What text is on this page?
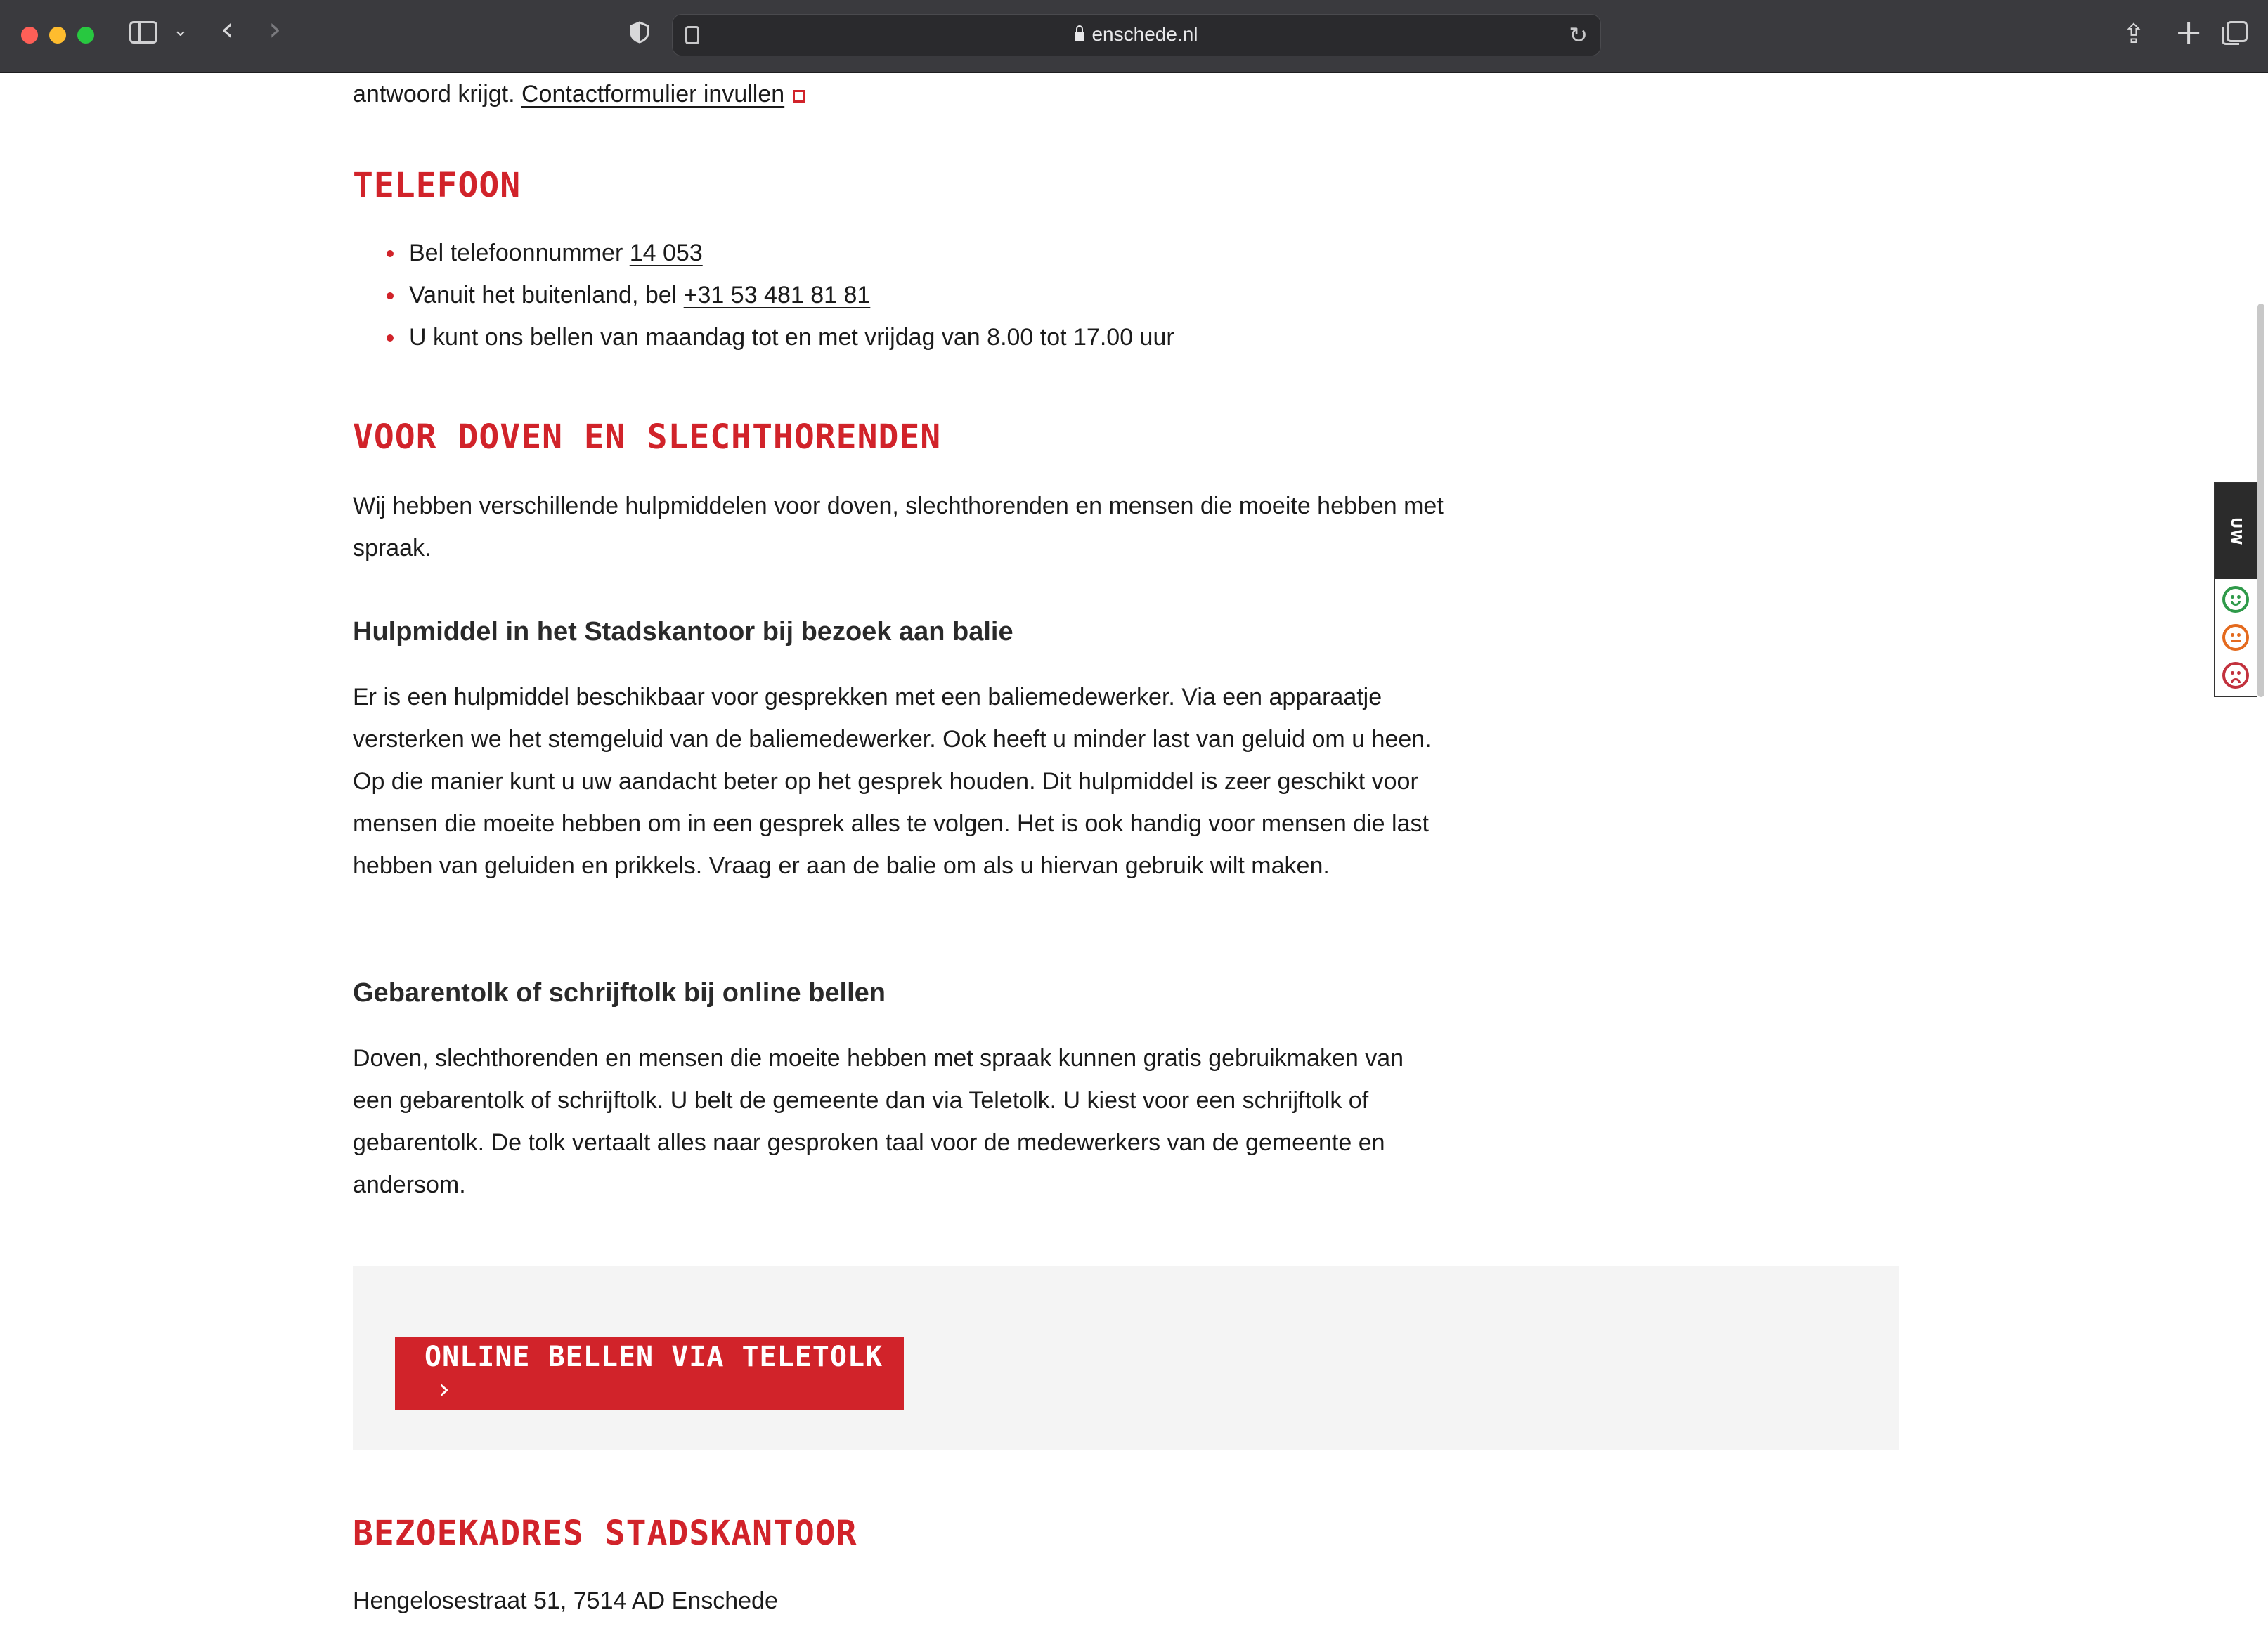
⌄ ‹ ›	enschede.nl	↻	⇪ +

antwoord krijgt. Contactformulier invullen

TELEFOON
Bel telefoonnummer 14 053
Vanuit het buitenland, bel +31 53 481 81 81
U kunt ons bellen van maandag tot en met vrijdag van 8.00 tot 17.00 uur
VOOR DOVEN EN SLECHTHORENDEN

Wij hebben verschillende hulpmiddelen voor doven, slechthorenden en mensen die moeite hebben met spraak.

Hulpmiddel in het Stadskantoor bij bezoek aan balie

Er is een hulpmiddel beschikbaar voor gesprekken met een baliemedewerker. Via een apparaatje versterken we het stemgeluid van de baliemedewerker. Ook heeft u minder last van geluid om u heen. Op die manier kunt u uw aandacht beter op het gesprek houden. Dit hulpmiddel is zeer geschikt voor mensen die moeite hebben om in een gesprek alles te volgen. Het is ook handig voor mensen die last hebben van geluiden en prikkels. Vraag er aan de balie om als u hiervan gebruik wilt maken.

Gebarentolk of schrijftolk bij online bellen

Doven, slechthorenden en mensen die moeite hebben met spraak kunnen gratis gebruikmaken van een gebarentolk of schrijftolk. U belt de gemeente dan via Teletolk. U kiest voor een schrijftolk of gebarentolk. De tolk vertaalt alles naar gesproken taal voor de medewerkers van de gemeente en andersom.

ONLINE BELLEN VIA TELETOLK›
BEZOEKADRES STADSKANTOOR

Hengelosestraat 51, 7514 AD Enschede

UW REACTIE
